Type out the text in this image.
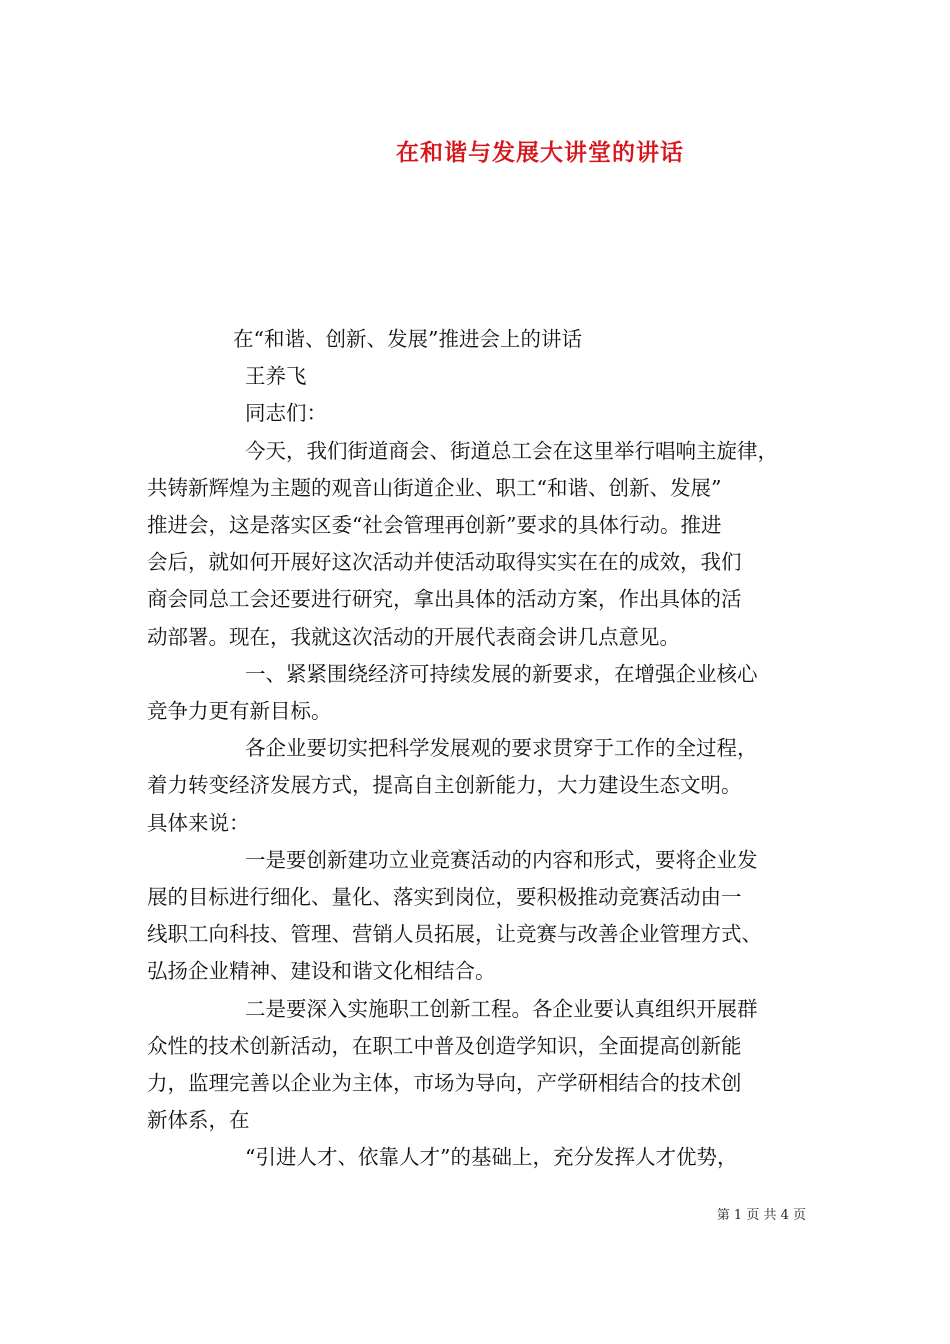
在和谐与发展大讲堂的讲话

在“和谐、创新、发展”推进会上的讲话

王养飞

同志们：

今天，我们街道商会、街道总工会在这里举行唱响主旋律，

共铸新辉煌为主题的观音山街道企业、职工“和谐、创新、发展”

推进会，这是落实区委“社会管理再创新”要求的具体行动。推进

会后，就如何开展好这次活动并使活动取得实实在在的成效，我们

商会同总工会还要进行研究，拿出具体的活动方案，作出具体的活

动部署。现在，我就这次活动的开展代表商会讲几点意见。

一、紧紧围绕经济可持续发展的新要求，在增强企业核心

竞争力更有新目标。

各企业要切实把科学发展观的要求贯穿于工作的全过程，

着力转变经济发展方式，提高自主创新能力，大力建设生态文明。

具体来说：

一是要创新建功立业竞赛活动的内容和形式，要将企业发

展的目标进行细化、量化、落实到岗位，要积极推动竞赛活动由一

线职工向科技、管理、营销人员拓展，让竞赛与改善企业管理方式、

弘扬企业精神、建设和谐文化相结合。

二是要深入实施职工创新工程。各企业要认真组织开展群

众性的技术创新活动，在职工中普及创造学知识，全面提高创新能

力，监理完善以企业为主体，市场为导向，产学研相结合的技术创

新体系，在

“引进人才、依靠人才”的基础上，充分发挥人才优势，

第 1 页 共 4 页
